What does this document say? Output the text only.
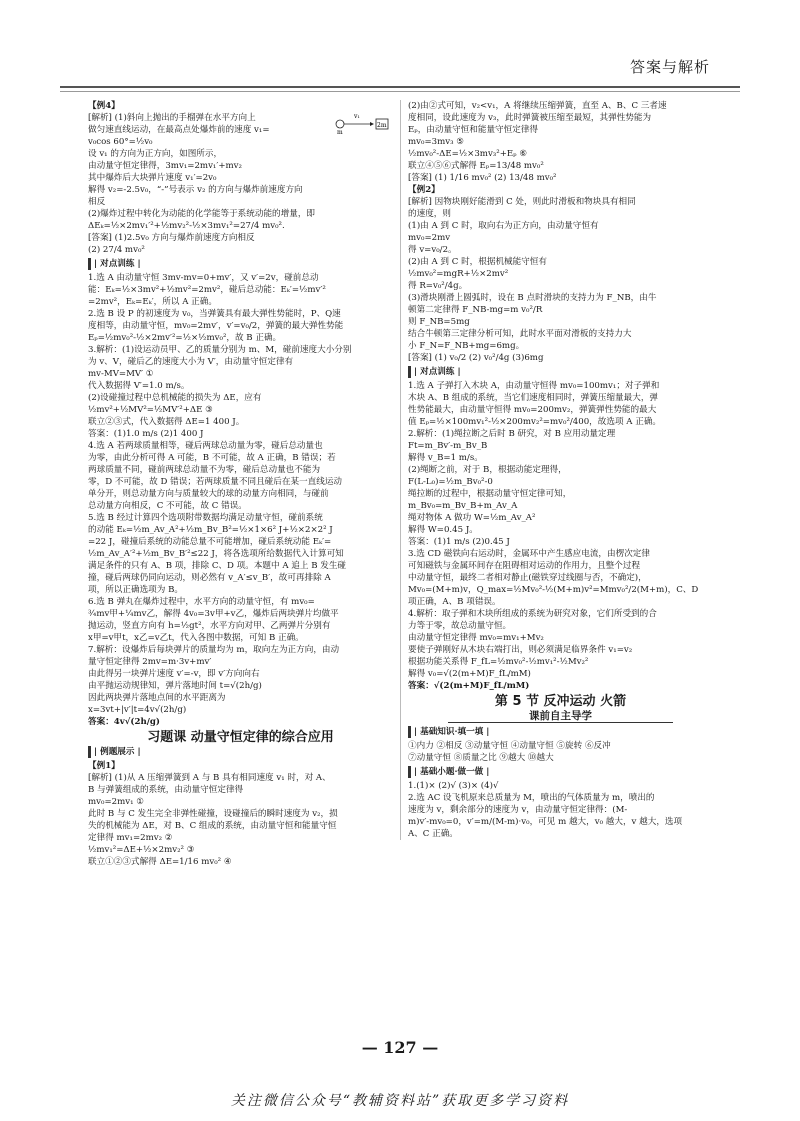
答案与解析
【例4】
[解析] (1)斜向上抛出的手榴弹在水平方向上
做匀速直线运动，在最高点处爆炸前的速度 v₁=
v₀cos 60°=½v₀
设 v₁ 的方向为正方向，如图所示，
由动量守恒定律得，3mv₁=2mv₁′+mv₂
其中爆炸后大块弹片速度 v₁′=2v₀
解得 v₂=-2.5v₀，“-”号表示 v₂ 的方向与爆炸前速度方向
相反
(2)爆炸过程中转化为动能的化学能等于系统动能的增量，即
ΔEₖ=½×2mv₁′²+½mv₂²-½×3mv₁²=27/4 mv₀².
[答案] (1)2.5v₀ 方向与爆炸前速度方向相反
(2) 27/4 mv₀²
| 对点训练 |
1.选 A 由动量守恒 3mv-mv=0+mv′，又 v′=2v，碰前总动
能：Eₖ=½×3mv²+½mv²=2mv²，碰后总动能：Eₖ′=½mv′²
=2mv²，Eₖ=Eₖ′，所以 A 正确。
2.选 B 设 P 的初速度为 v₀，当弹簧具有最大弹性势能时，P、Q速
度相等，由动量守恒，mv₀=2mv′，v′=v₀/2，弹簧的最大弹性势能
Eₚ=½mv₀²-½×2mv′²=½×½mv₀²，故 B 正确。
3.解析：(1)设运动员甲、乙的质量分别为 m、M，碰前速度大小分别
为 v、V，碰后乙的速度大小为 V′，由动量守恒定律有
mv-MV=MV′ ①
代入数据得 V′=1.0 m/s。
(2)设碰撞过程中总机械能的损失为 ΔE，应有
½mv²+½MV²=½MV′²+ΔE ③
联立②③式，代入数据得 ΔE=1 400 J。
答案：(1)1.0 m/s (2)1 400 J
4.选 A 若两球质量相等，碰后两球总动量为零，碰后总动量也
为零，由此分析可得 A 可能，B 不可能，故 A 正确，B 错误；若
两球质量不同，碰前两球总动量不为零，碰后总动量也不能为
零，D 不可能，故 D 错误；若两球质量不同且碰后在某一直线运动
单分开，则总动量方向与质量较大的球的动量方向相同，与碰前
总动量方向相反，C 不可能，故 C 错误。
5.选 B 经过计算四个选项附带数据均满足动量守恒，碰前系统
的动能 Eₖ=½m_Av_A²+½m_Bv_B²=½×1×6² J+½×2×2² J
=22 J，碰撞后系统的动能总量不可能增加，碰后系统动能 Eₖ′=
½m_Av_A′²+½m_Bv_B′²≤22 J，将各选项所给数据代入计算可知
满足条件的只有 A、B 项，排除 C、D 项。本题中 A 追上 B 发生碰
撞，碰后两球仍同向运动，则必然有 v_A′≤v_B′，故可再排除 A
项，所以正确选项为 B。
6.选 B 弹丸在爆炸过程中，水平方向的动量守恒，有 mv₀=
¾mv甲+¼mv乙，解得 4v₀=3v甲+v乙，爆炸后两块弹片均做平
抛运动，竖直方向有 h=½gt²，水平方向对甲、乙两弹片分别有
x甲=v甲t，x乙=v乙t，代入各图中数据，可知 B 正确。
7.解析：设爆炸后每块弹片的质量均为 m，取向左为正方向，由动
量守恒定律得 2mv=m·3v+mv′
由此得另一块弹片速度 v′=-v，即 v′方向向右
由平抛运动规律知，弹片落地时间 t=√(2h/g)
因此两块弹片落地点间的水平距离为
x=3vt+|v′|t=4v√(2h/g)
答案：4v√(2h/g)
习题课 动量守恒定律的综合应用
| 例题展示 |
【例1】
[解析] (1)从 A 压缩弹簧到 A 与 B 具有相同速度 v₁ 时，对 A、
B 与弹簧组成的系统，由动量守恒定律得
mv₀=2mv₁ ①
此时 B 与 C 发生完全非弹性碰撞，设碰撞后的瞬时速度为 v₂，损
失的机械能为 ΔE，对 B、C 组成的系统，由动量守恒和能量守恒
定律得 mv₁=2mv₂ ②
½mv₁²=ΔE+½×2mv₂² ③
联立①②③式解得 ΔE=1/16 mv₀² ④
v₁
m
2m
(2)由②式可知，v₂<v₁，A 将继续压缩弹簧，直至 A、B、C 三者速
度相同，设此速度为 v₃，此时弹簧被压缩至最短，其弹性势能为
Eₚ，由动量守恒和能量守恒定律得
mv₀=3mv₃ ⑤
½mv₀²-ΔE=½×3mv₃²+Eₚ ⑥
联立④⑤⑥式解得 Eₚ=13/48 mv₀²
[答案] (1) 1/16 mv₀² (2) 13/48 mv₀²
【例2】
[解析] 因物块刚好能滑到 C 处，则此时滑板和物块具有相同
的速度，则
(1)由 A 到 C 时，取向右为正方向，由动量守恒有
mv₀=2mv
得 v=v₀/2。
(2)由 A 到 C 时，根据机械能守恒有
½mv₀²=mgR+½×2mv²
得 R=v₀²/4g。
(3)滑块刚滑上圆弧时，设在 B 点时滑块的支持力为 F_NB，由牛
顿第二定律得 F_NB-mg=m v₀²/R
则 F_NB=5mg
结合牛顿第三定律分析可知，此时水平面对滑板的支持力大
小 F_N=F_NB+mg=6mg。
[答案] (1) v₀/2 (2) v₀²/4g (3)6mg
| 对点训练 |
1.选 A 子弹打入木块 A，由动量守恒得 mv₀=100mv₁；对子弹和
木块 A、B 组成的系统，当它们速度相同时，弹簧压缩量最大，弹
性势能最大，由动量守恒得 mv₀=200mv₂，弹簧弹性势能的最大
值 Eₚ=½×100mv₁²-½×200mv₂²=mv₀²/400，故选项 A 正确。
2.解析：(1)绳拉断之后时 B 研究，对 B 应用动量定理
Ft=m_Bv′-m_Bv_B
解得 v_B=1 m/s。
(2)绳断之前，对于 B，根据动能定理得，
F(L-L₀)=½m_Bv₀²-0
绳拉断的过程中，根据动量守恒定律可知，
m_Bv₀=m_Bv_B+m_Av_A
绳对物体 A 做功 W=½m_Av_A²
解得 W=0.45 J。
答案：(1)1 m/s (2)0.45 J
3.选 CD 磁铁向右运动时，金属环中产生感应电流，由楞次定律
可知磁铁与金属环间存在阻碍相对运动的作用力，且整个过程
中动量守恒，最终二者相对静止(磁铁穿过线圈与否，不确定)，
Mv₀=(M+m)v，Q_max=½Mv₀²-½(M+m)v²=Mmv₀²/2(M+m)，C、D
项正确，A、B 项错误。
4.解析：取子弹和木块所组成的系统为研究对象，它们所受到的合
力等于零，故总动量守恒。
由动量守恒定律得 mv₀=mv₁+Mv₂
要使子弹刚好从木块右端打出，则必须满足临界条件 v₁=v₂
根据功能关系得 F_fL=½mv₀²-½mv₁²-½Mv₂²
解得 v₀=√(2(m+M)F_fL/mM)
答案：√(2(m+M)F_fL/mM)
第 5 节 反冲运动 火箭
课前自主导学
| 基础知识·填一填 |
①内力 ②相反 ③动量守恒 ④动量守恒 ⑤旋转 ⑥反冲
⑦动量守恒 ⑧质量之比 ⑨越大 ⑩越大
| 基础小题·做一做 |
1.(1)× (2)√ (3)× (4)√
2.选 AC 设飞机原来总质量为 M，喷出的气体质量为 m，喷出的
速度为 v，剩余部分的速度为 v，由动量守恒定律得：(M-
m)v′-mv₀=0，v′=m/(M-m)·v₀，可见 m 越大，v₀ 越大，v 越大，选项
A、C 正确。
— 127 —
关注微信公众号“教辅资料站”获取更多学习资料
